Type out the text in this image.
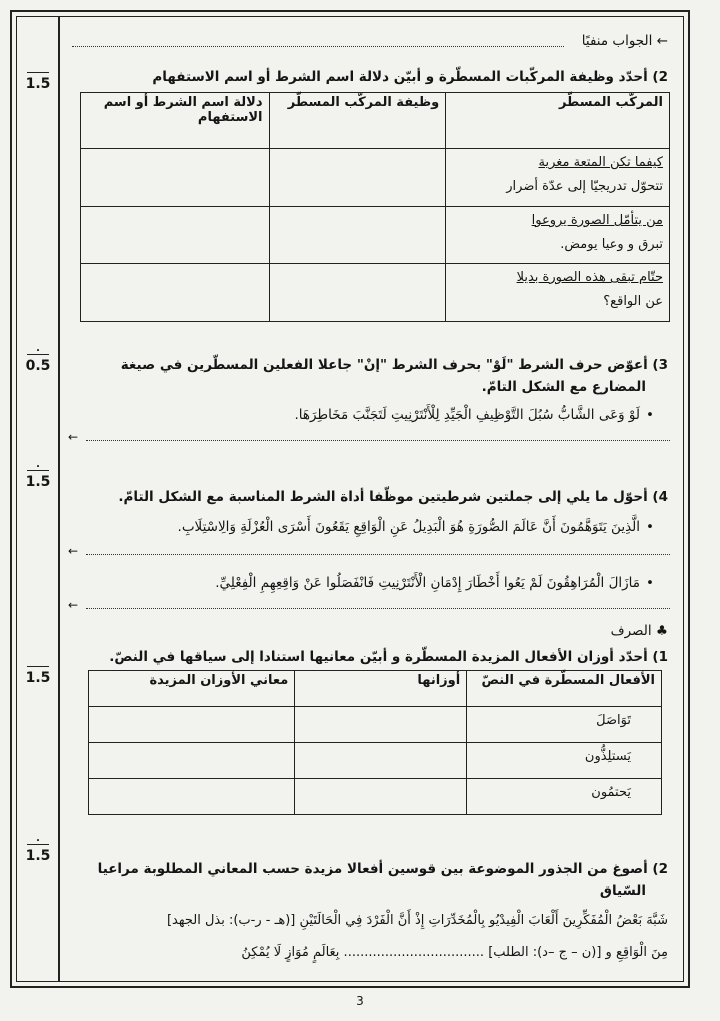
1.5
.
0.5
.
1.5
1.5
.
1.5
← الجواب منفيًا
2) أحدّد وظيفة المركّبات المسطّرة و أبيّن دلالة اسم الشرط أو اسم الاستفهام
المركّب المسطّر	وظيفة المركّب المسطّر	دلالة اسم الشرط أو اسم الاستفهام

كيفما تكن المتعة مغرية
تتحوّل تدريجيّا إلى عدّة أضرار		

من يتأمّل الصورة يروعوا
تبرق و وعيا يومض.		

حتّام تبقى هذه الصورة بديلا
عن الواقع؟		

3) أعوّض حرف الشرط "لَوْ" بحرف الشرط "إنْ" جاعلا الفعلين المسطّرين في صيغة
المضارع مع الشكل التامّ.
• لَوْ وَعَى الشَّابُّ سُبُلَ التَّوْظِيفِ الْجَيِّدِ لِلْأَنْتَرْنِيتِ لَتَجَنَّبَ مَخَاطِرَهَا.
←
4) أحوّل ما يلي إلى جملتين شرطيتين موظّفا أداة الشرط المناسبة مع الشكل التامّ.
• الَّذِينَ يَتَوَهَّمُونَ أَنَّ عَالَمَ الصُّورَةِ هُوَ الْبَدِيلُ عَنِ الْوَاقِعِ يَقَعُونَ أَسْرَى الْعُزْلَةِ وَالِاسْتِلَابِ.
←
• مَازَالَ الْمُرَاهِقُونَ لَمْ يَعُوا أَخْطَارَ إِدْمَانِ الْأَنْتَرْنِيتِ فَانْفَصَلُوا عَنْ وَاقِعِهِمِ الْفِعْلِيِّ.
←
♣ الصرف
1) أحدّد أوزان الأفعال المزيدة المسطّرة و أبيّن معانيها استنادا إلى سياقها في النصّ.
الأفعال المسطّرة في النصّ	أوزانها	معاني الأوزان المزيدة
تَوَاصَلَ		
يَستلِذُّون		
يَحتمُون		
2) أصوغ من الجذور الموضوعة بين قوسين أفعالا مزيدة حسب المعاني المطلوبة مراعيا
السّياق
شَبَّهَ بَعْضُ الْمُفَكِّرِينَ أَلْعَابَ الْفِيدْيُو بِالْمُخَدِّرَاتِ إِذْ أَنَّ الْفَرْدَ فِي الْحَالَتَيْنِ [(هـ - ر-ب): بذل الجهد]
مِنَ الْوَاقِعِ و [(ن – ج –د): الطلب] .................................. بِعَالَمٍ مُوَازٍ لَا يُمْكِنُ
3
